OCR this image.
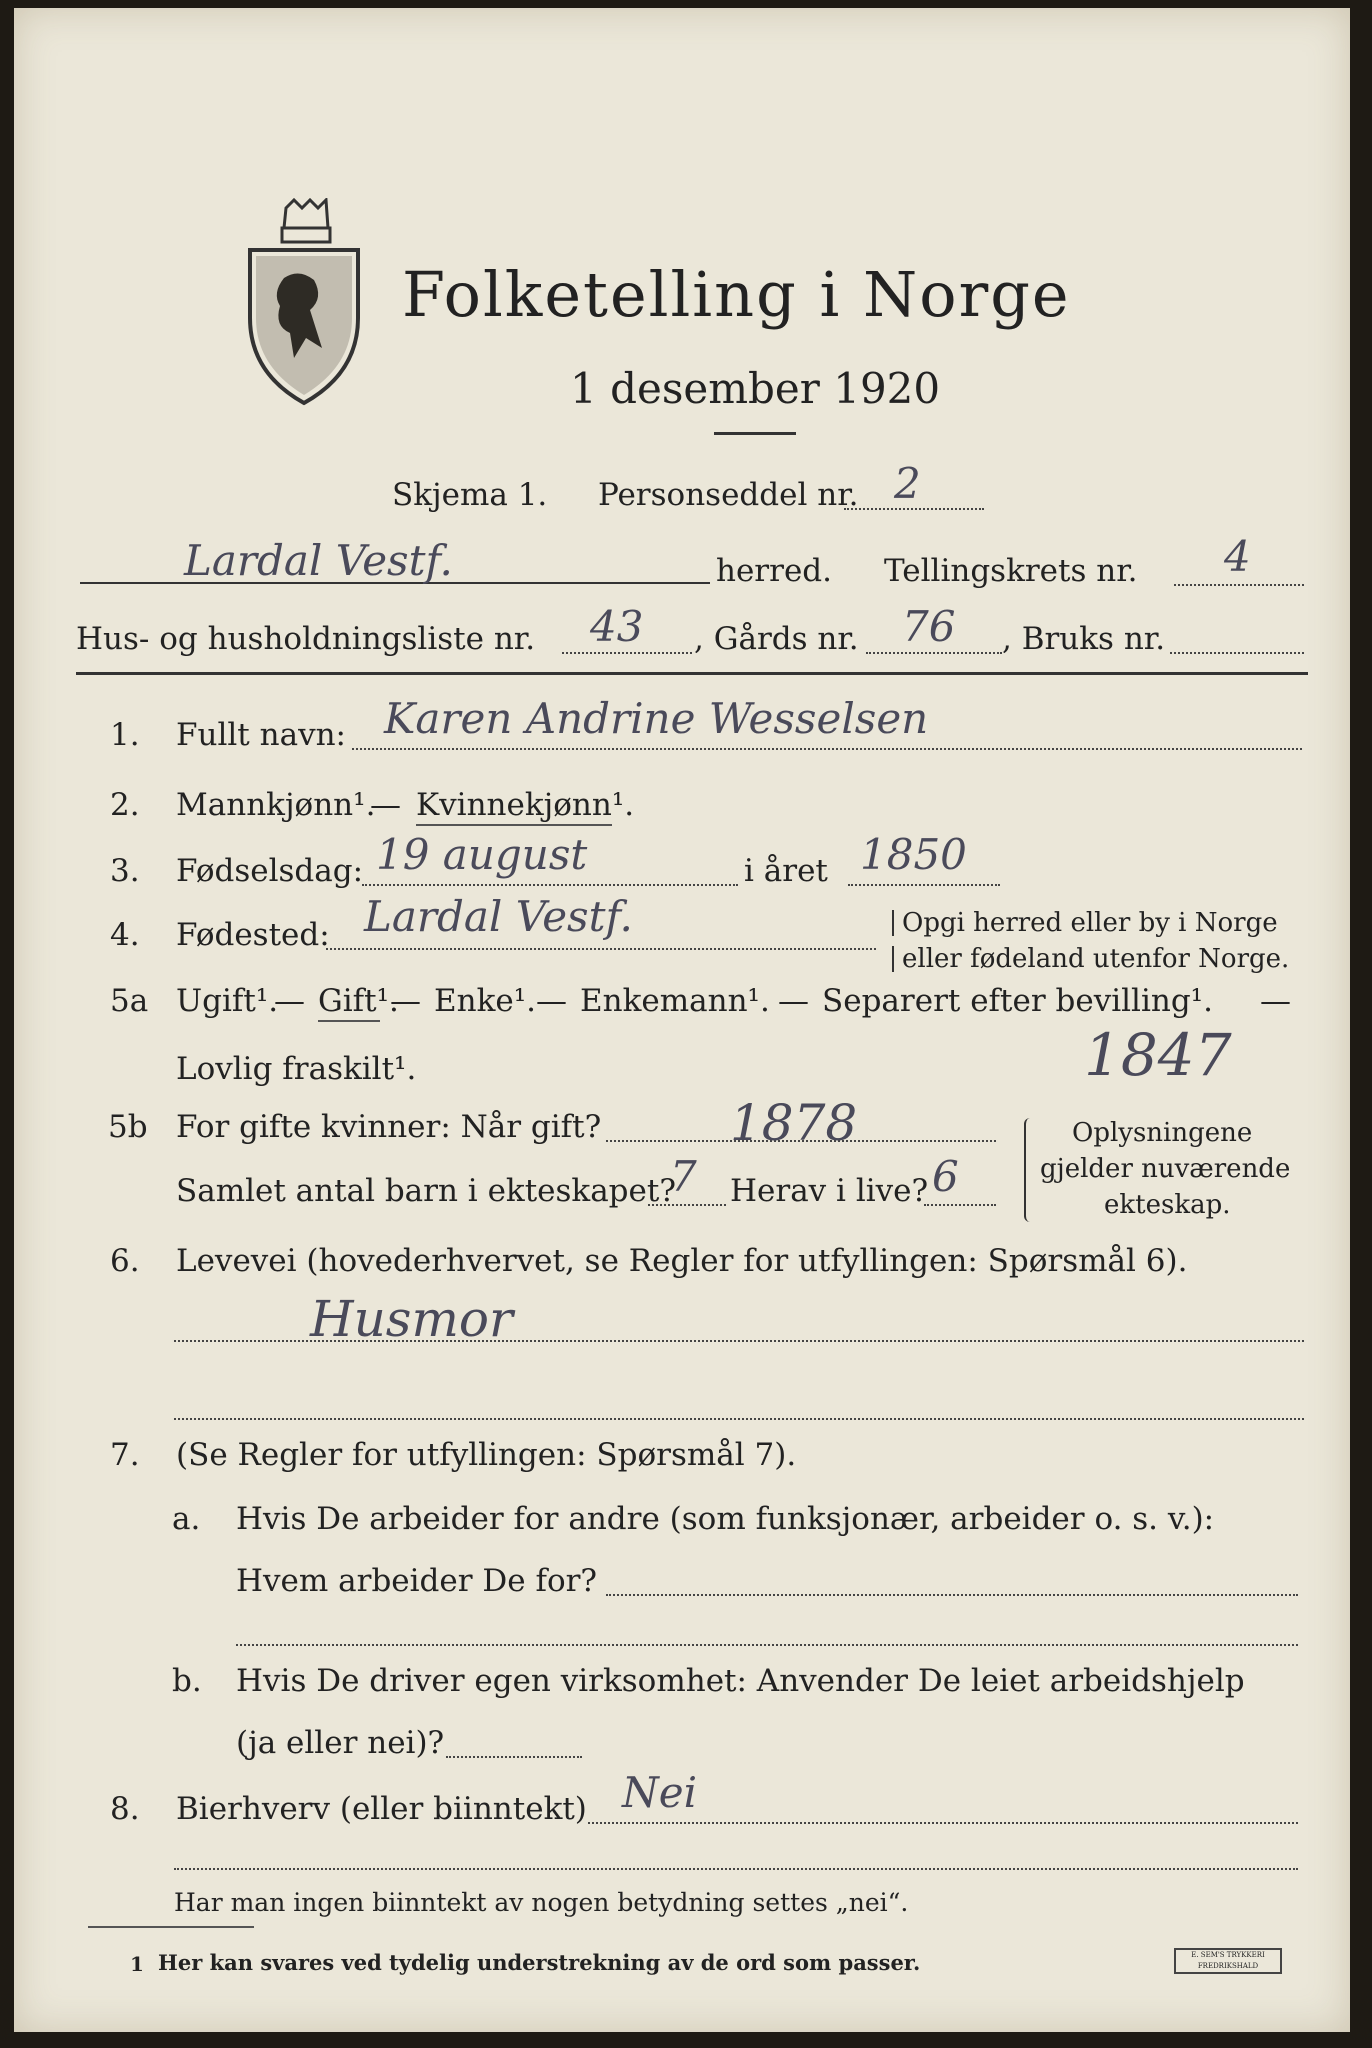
Folketelling i Norge
1 desember 1920
Skjema 1. Personseddel nr. 2
Lardal Vestf.	herred. Tellingskrets nr. 4
Hus- og husholdningsliste nr. 43 , Gårds nr. 76 , Bruks nr.
1. Fullt navn: Karen Andrine Wesselsen
2. Mannkjønn¹.
— Kvinnekjønn¹.
3. Fødselsdag: 19 august	i året 1850
4. Fødested: Lardal Vestf.	Opgi herred eller by i Norge
eller fødeland utenfor Norge.
5a Ugift¹.
— Gift¹.
— Enke¹. — Enkemann¹. — Separert efter bevilling¹. —
Lovlig fraskilt¹.	1847
5b For gifte kvinner: Når gift?	1878
Samlet antal barn i ekteskapet?
7 Herav i live? 6
Oplysningene
gjelder nuværende
ekteskap.
6. Levevei (hovederhvervet, se Regler for utfyllingen: Spørsmål 6).
Husmor
7. (Se Regler for utfyllingen: Spørsmål 7).
a. Hvis De arbeider for andre (som funksjonær, arbeider o. s. v.):
Hvem arbeider De for?
b. Hvis De driver egen virksomhet: Anvender De leiet arbeidshjelp
(ja eller nei)?
8. Bierhverv (eller biinntekt) Nei
Har man ingen biinntekt av nogen betydning settes „nei“.
1 Her kan svares ved tydelig understrekning av de ord som passer.	E. SEM'S TRYKKERI FREDRIKSHALD
